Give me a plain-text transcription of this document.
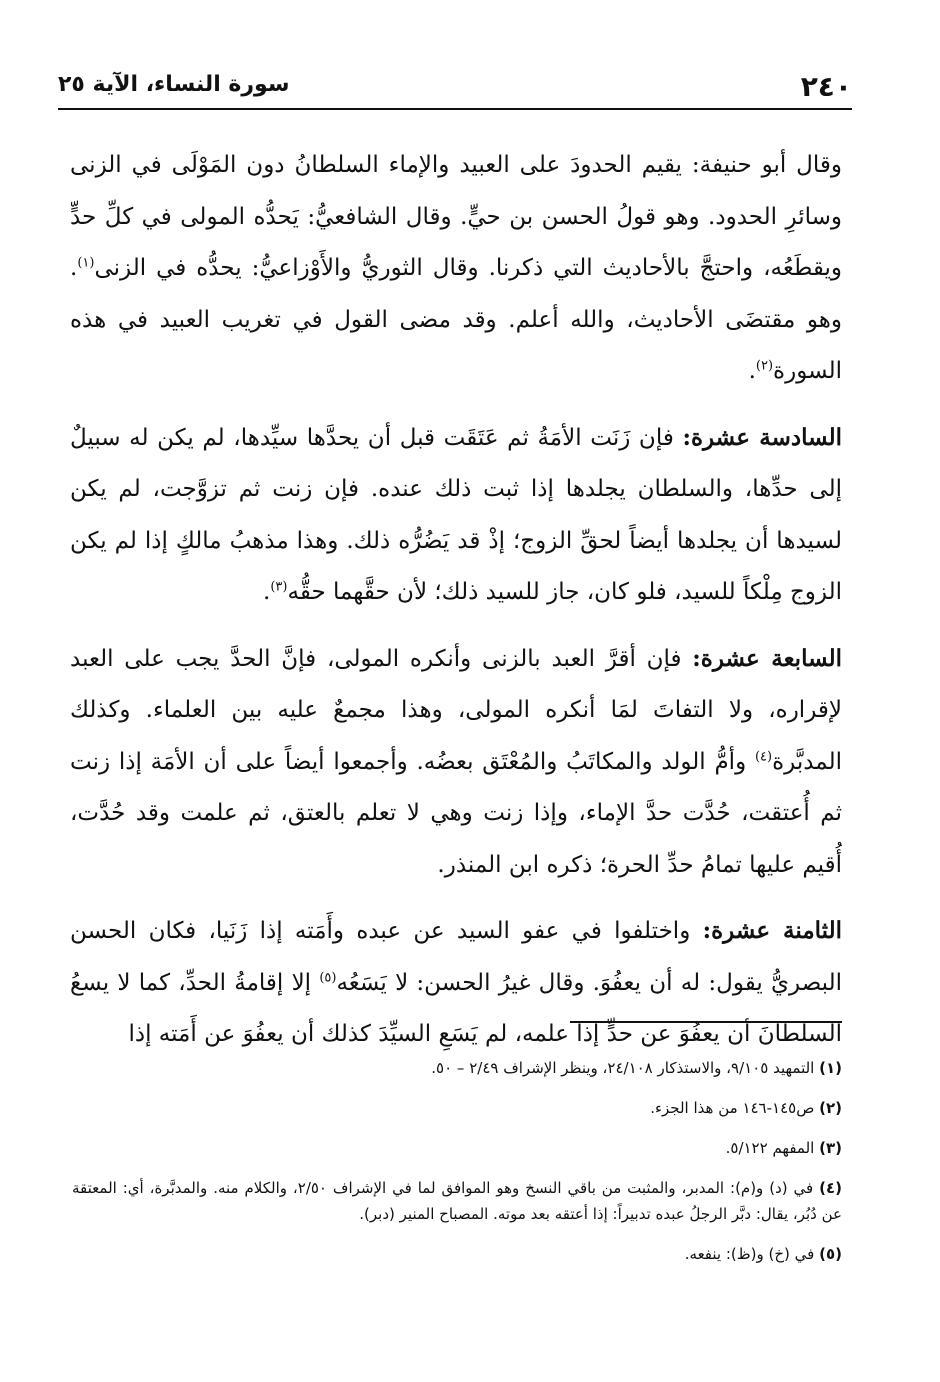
٢٤٠
سورة النساء، الآية ٢٥

وقال أبو حنيفة: يقيم الحدودَ على العبيد والإماء السلطانُ دون المَوْلَى في الزنى وسائرِ الحدود. وهو قولُ الحسن بن حيٍّ. وقال الشافعيُّ: يَحدُّه المولى في كلِّ حدٍّ ويقطَعُه، واحتجَّ بالأحاديث التي ذكرنا. وقال الثوريُّ والأَوْزاعيُّ: يحدُّه في الزنى$^{(١)}$. وهو مقتضَى الأحاديث، والله أعلم. وقد مضى القول في تغريب العبيد في هذه السورة$^{(٢)}$.

السادسة عشرة: فإن زَنَت الأمَةُ ثم عَتَقَت قبل أن يحدَّها سيِّدها، لم يكن له سبيلٌ إلى حدِّها، والسلطان يجلدها إذا ثبت ذلك عنده. فإن زنت ثم تزوَّجت، لم يكن لسيدها أن يجلدها أيضاً لحقِّ الزوج؛ إذْ قد يَضُرُّه ذلك. وهذا مذهبُ مالكٍ إذا لم يكن الزوج مِلْكاً للسيد، فلو كان، جاز للسيد ذلك؛ لأن حقَّهما حقُّه$^{(٣)}$.

السابعة عشرة: فإن أقرَّ العبد بالزنى وأنكره المولى، فإنَّ الحدَّ يجب على العبد لإقراره، ولا التفاتَ لمَا أنكره المولى، وهذا مجمعٌ عليه بين العلماء. وكذلك المدبَّرة$^{(٤)}$ وأمُّ الولد والمكاتَبُ والمُعْتَق بعضُه. وأجمعوا أيضاً على أن الأمَة إذا زنت ثم أُعتقت، حُدَّت حدَّ الإماء، وإذا زنت وهي لا تعلم بالعتق، ثم علمت وقد حُدَّت، أُقيم عليها تمامُ حدِّ الحرة؛ ذكره ابن المنذر.

الثامنة عشرة: واختلفوا في عفو السيد عن عبده وأَمَته إذا زَنَيا، فكان الحسن البصريُّ يقول: له أن يعفُوَ. وقال غيرُ الحسن: لا يَسَعُه$^{(٥)}$ إلا إقامةُ الحدِّ، كما لا يسعُ السلطانَ أن يعفُوَ عن حدٍّ إذا علمه، لم يَسَعِ السيِّدَ كذلك أن يعفُوَ عن أَمَته إذا

(١) التمهيد ٩/١٠٥، والاستذكار ٢٤/١٠٨، وينظر الإشراف ٢/٤٩ – ٥٠.

(٢) ص١٤٥-١٤٦ من هذا الجزء.

(٣) المفهم ٥/١٢٢.

(٤) في (د) و(م): المدبر، والمثبت من باقي النسخ وهو الموافق لما في الإشراف ٢/٥٠، والكلام منه. والمدبَّرة، أي: المعتقة عن دُبُر، يقال: دبَّر الرجلُ عبده تدبيراً: إذا أعتقه بعد موته. المصباح المنير (دبر).

(٥) في (خ) و(ظ): ينفعه.
